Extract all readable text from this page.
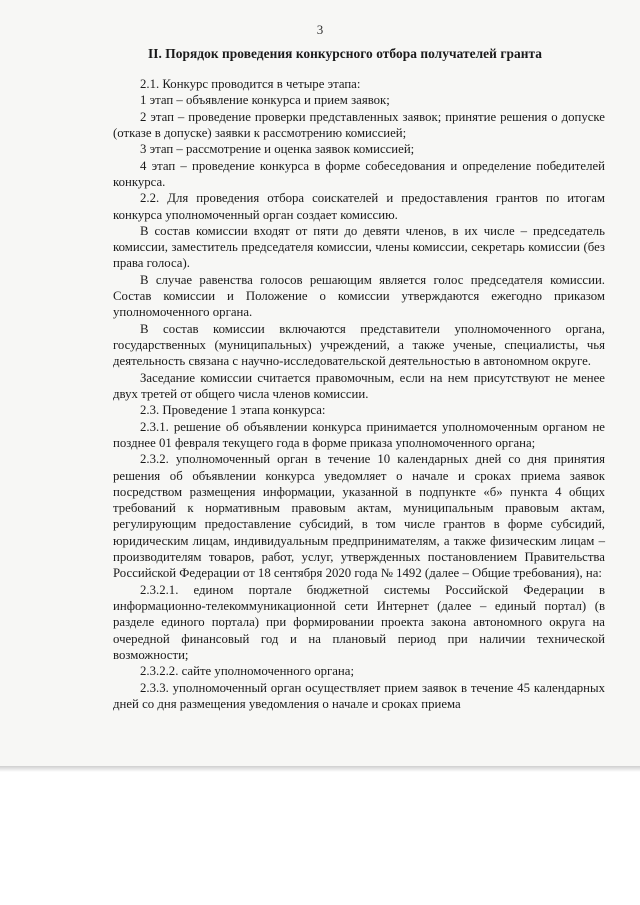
3
II. Порядок проведения конкурсного отбора получателей гранта

2.1. Конкурс проводится в четыре этапа:

1 этап – объявление конкурса и прием заявок;

2 этап – проведение проверки представленных заявок; принятие решения о допуске (отказе в допуске) заявки к рассмотрению комиссией;

3 этап – рассмотрение и оценка заявок комиссией;

4 этап – проведение конкурса в форме собеседования и определение победителей конкурса.

2.2. Для проведения отбора соискателей и предоставления грантов по итогам конкурса уполномоченный орган создает комиссию.

В состав комиссии входят от пяти до девяти членов, в их числе – председатель комиссии, заместитель председателя комиссии, члены комиссии, секретарь комиссии (без права голоса).

В случае равенства голосов решающим является голос председателя комиссии. Состав комиссии и Положение о комиссии утверждаются ежегодно приказом уполномоченного органа.

В состав комиссии включаются представители уполномоченного органа, государственных (муниципальных) учреждений, а также ученые, специалисты, чья деятельность связана с научно-исследовательской деятельностью в автономном округе.

Заседание комиссии считается правомочным, если на нем присутствуют не менее двух третей от общего числа членов комиссии.

2.3. Проведение 1 этапа конкурса:

2.3.1. решение об объявлении конкурса принимается уполномоченным органом не позднее 01 февраля текущего года в форме приказа уполномоченного органа;

2.3.2. уполномоченный орган в течение 10 календарных дней со дня принятия решения об объявлении конкурса уведомляет о начале и сроках приема заявок посредством размещения информации, указанной в подпункте «б» пункта 4 общих требований к нормативным правовым актам, муниципальным правовым актам, регулирующим предоставление субсидий, в том числе грантов в форме субсидий, юридическим лицам, индивидуальным предпринимателям, а также физическим лицам – производителям товаров, работ, услуг, утвержденных постановлением Правительства Российской Федерации от 18 сентября 2020 года № 1492 (далее – Общие требования), на:

2.3.2.1. едином портале бюджетной системы Российской Федерации в информационно-телекоммуникационной сети Интернет (далее – единый портал) (в разделе единого портала) при формировании проекта закона автономного округа на очередной финансовый год и на плановый период при наличии технической возможности;

2.3.2.2. сайте уполномоченного органа;

2.3.3. уполномоченный орган осуществляет прием заявок в течение 45 календарных дней со дня размещения уведомления о начале и сроках приема
